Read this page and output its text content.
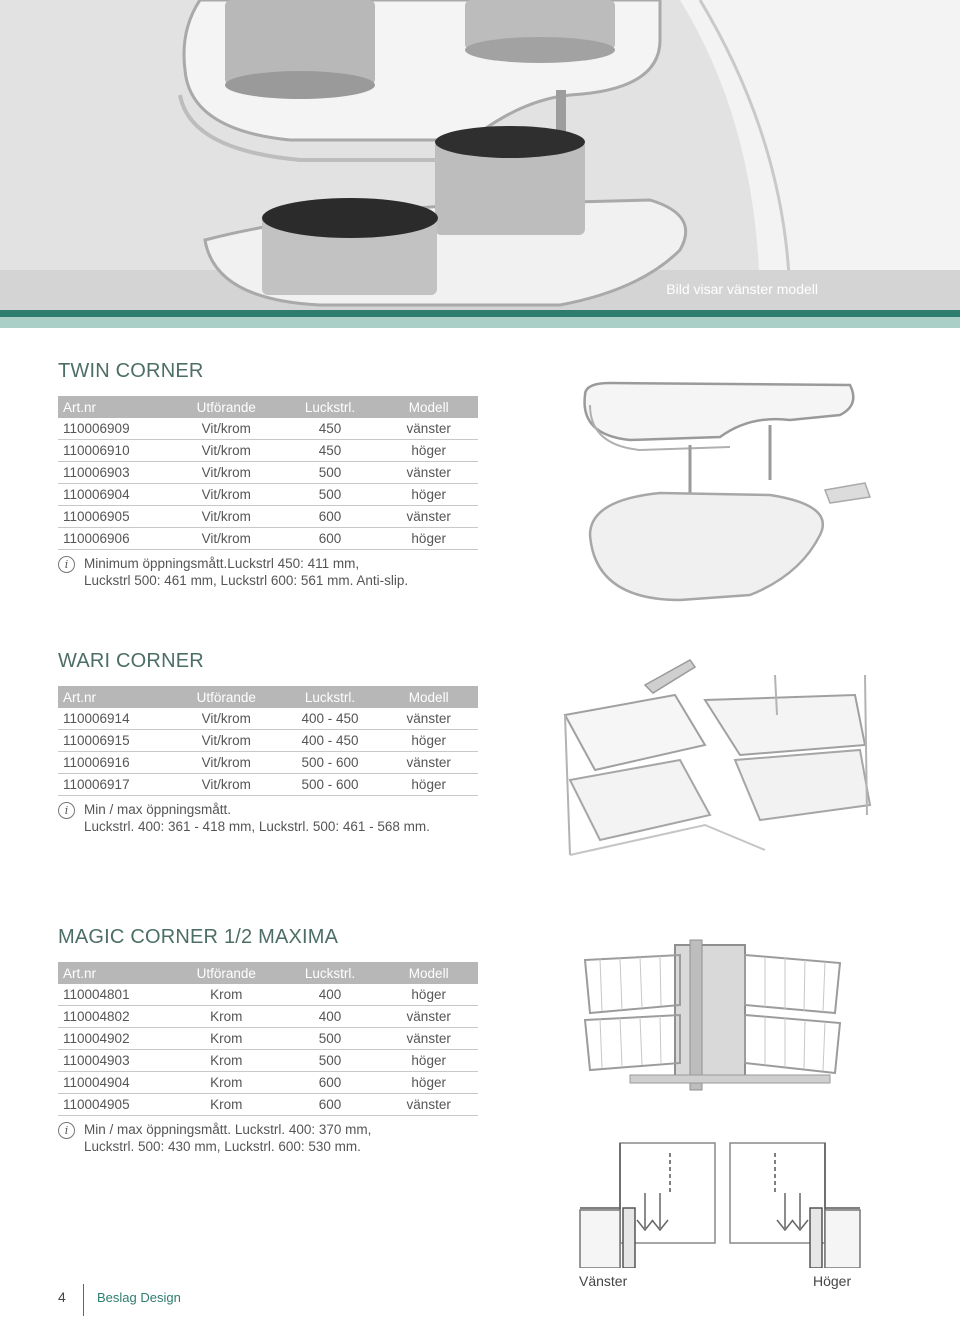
Bild visar vänster modell
TWIN CORNER
Art.nr	Utförande	Luckstrl.	Modell
110006909	Vit/krom	450	vänster
110006910	Vit/krom	450	höger
110006903	Vit/krom	500	vänster
110006904	Vit/krom	500	höger
110006905	Vit/krom	600	vänster
110006906	Vit/krom	600	höger
i	Minimum öppningsmått.Luckstrl 450: 411 mm,
Luckstrl 500: 461 mm, Luckstrl 600: 561 mm. Anti-slip.
WARI CORNER
Art.nr	Utförande	Luckstrl.	Modell
110006914	Vit/krom	400 - 450	vänster
110006915	Vit/krom	400 - 450	höger
110006916	Vit/krom	500 - 600	vänster
110006917	Vit/krom	500 - 600	höger
i	Min / max öppningsmått.
Luckstrl. 400: 361 - 418 mm, Luckstrl. 500: 461 - 568 mm.
MAGIC CORNER 1/2 MAXIMA
Art.nr	Utförande	Luckstrl.	Modell
110004801	Krom	400	höger
110004802	Krom	400	vänster
110004902	Krom	500	vänster
110004903	Krom	500	höger
110004904	Krom	600	höger
110004905	Krom	600	vänster
i	Min / max öppningsmått. Luckstrl. 400: 370 mm,
Luckstrl. 500: 430 mm, Luckstrl. 600: 530 mm.
Vänster	Höger
4 Beslag Design
